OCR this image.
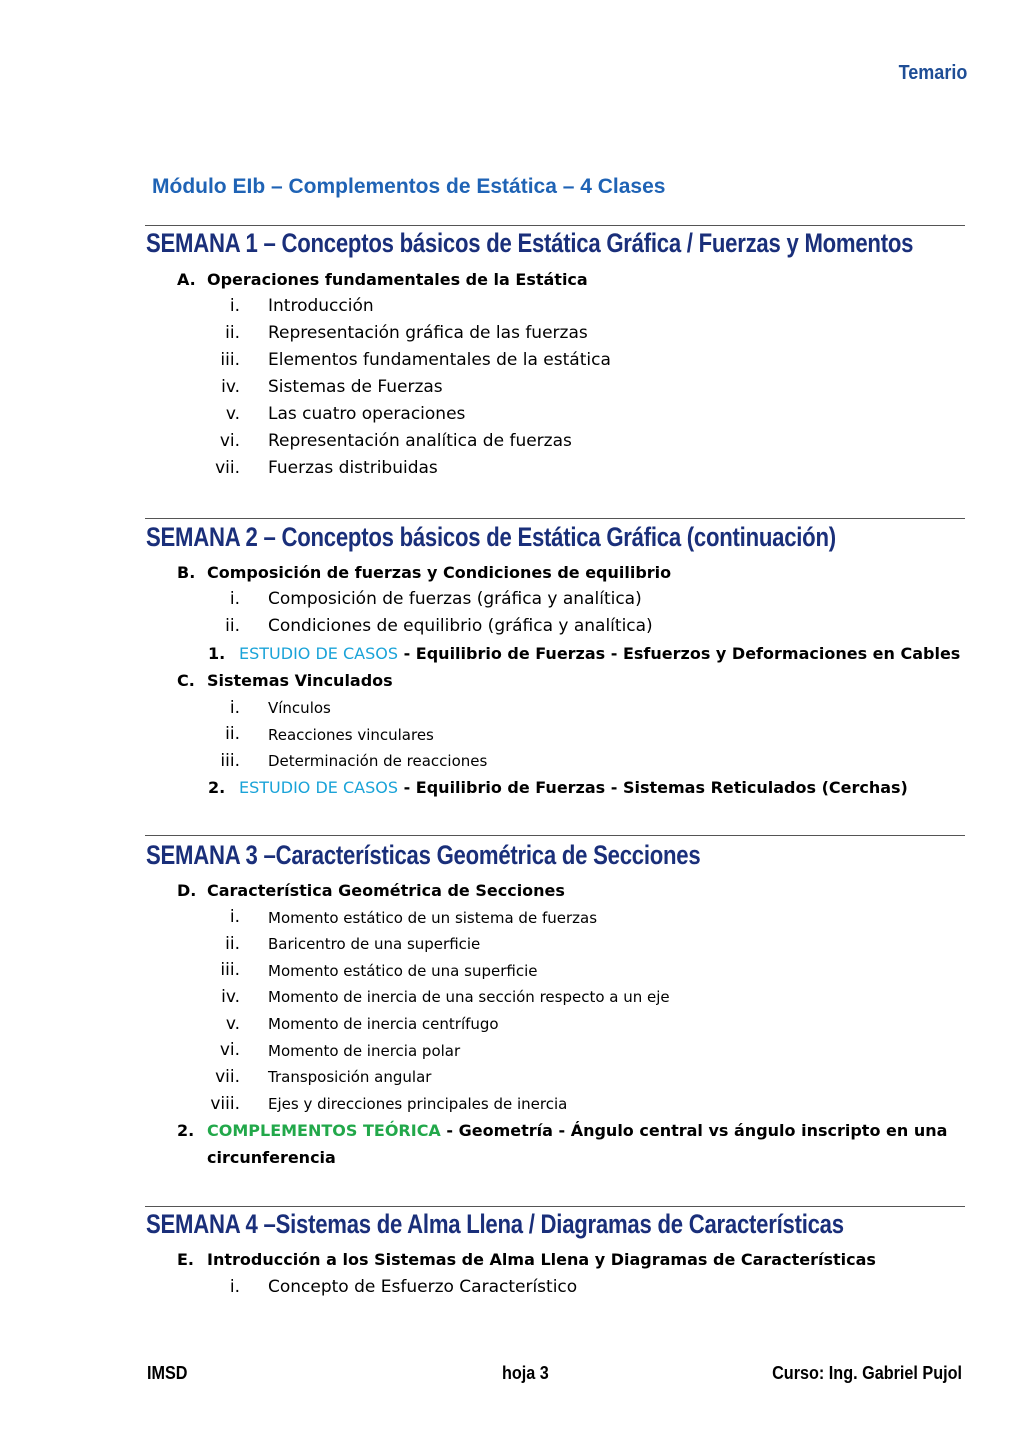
Temario
Módulo EIb – Complementos de Estática – 4 Clases
SEMANA 1 – Conceptos básicos de Estática Gráfica / Fuerzas y Momentos
A. Operaciones fundamentales de la Estática
i. Introducción
ii. Representación gráfica de las fuerzas
iii. Elementos fundamentales de la estática
iv. Sistemas de Fuerzas
v. Las cuatro operaciones
vi. Representación analítica de fuerzas
vii. Fuerzas distribuidas
SEMANA 2 – Conceptos básicos de Estática Gráfica (continuación)
B. Composición de fuerzas y Condiciones de equilibrio
i. Composición de fuerzas (gráfica y analítica)
ii. Condiciones de equilibrio (gráfica y analítica)
1. ESTUDIO DE CASOS - Equilibrio de Fuerzas - Esfuerzos y Deformaciones en Cables
C. Sistemas Vinculados
i. Vínculos
ii. Reacciones vinculares
iii. Determinación de reacciones
2. ESTUDIO DE CASOS - Equilibrio de Fuerzas - Sistemas Reticulados (Cerchas)
SEMANA 3 –Características Geométrica de Secciones
D. Característica Geométrica de Secciones
i. Momento estático de un sistema de fuerzas
ii. Baricentro de una superficie
iii. Momento estático de una superficie
iv. Momento de inercia de una sección respecto a un eje
v. Momento de inercia centrífugo
vi. Momento de inercia polar
vii. Transposición angular
viii. Ejes y direcciones principales de inercia
2. COMPLEMENTOS TEÓRICA - Geometría - Ángulo central vs ángulo inscripto en una
circunferencia
SEMANA 4 –Sistemas de Alma Llena / Diagramas de Características
E. Introducción a los Sistemas de Alma Llena y Diagramas de Características
i. Concepto de Esfuerzo Característico
IMSD	hoja 3	Curso: Ing. Gabriel Pujol
